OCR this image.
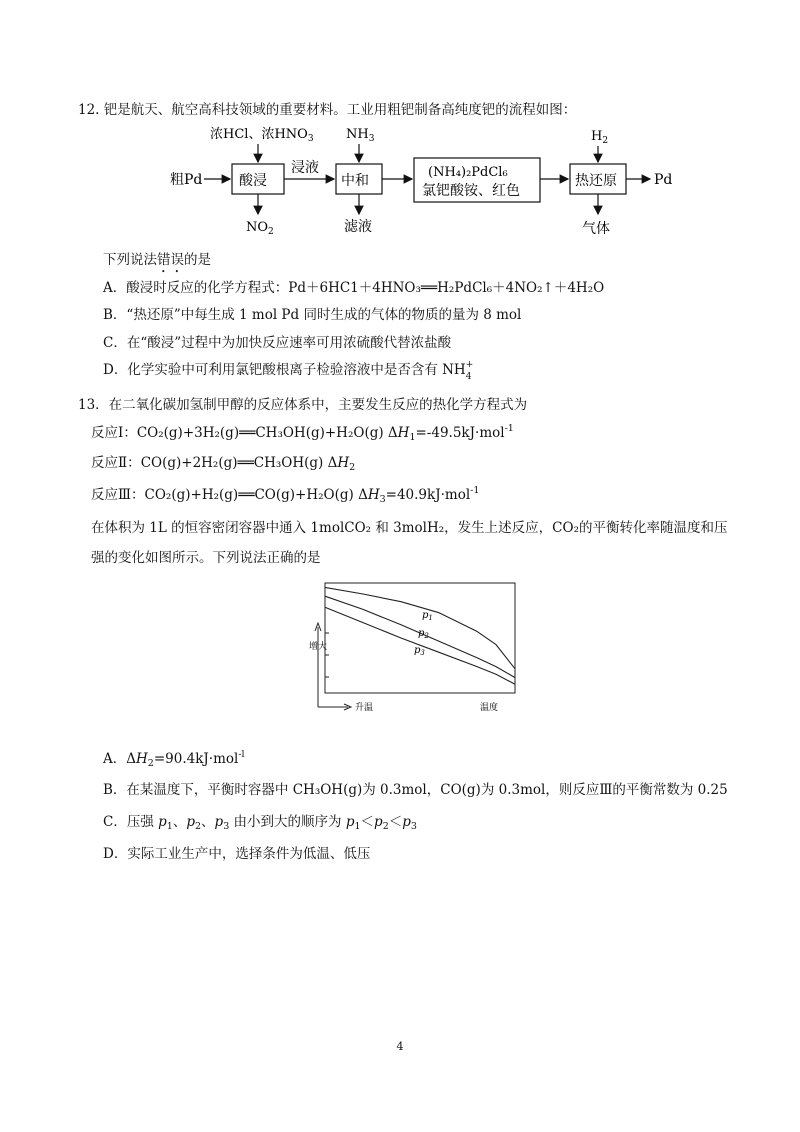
12. 钯是航天、航空高科技领域的重要材料。工业用粗钯制备高纯度钯的流程如图：
粗Pd	酸浸
浓HCl、浓$HNO_3$
$NO_2$
浸液
中和
$NH_3$
滤液
(NH₄)₂PdCl₆
氯钯酸铵、红色
热还原
$H_2$
气体
Pd
下列说法错误的是
A．酸浸时反应的化学方程式：Pd＋6HC1＋4HNO₃══H₂PdCl₆＋4NO₂↑＋4H₂O
B．“热还原”中每生成 1 mol Pd 同时生成的气体的物质的量为 8 mol
C．在“酸浸”过程中为加快反应速率可用浓硫酸代替浓盐酸
D．化学实验中可利用氯钯酸根离子检验溶液中是否含有 NH +
4
13．在二氧化碳加氢制甲醇的反应体系中，主要发生反应的热化学方程式为
反应Ⅰ：CO₂(g)+3H₂(g)══CH₃OH(g)+H₂O(g) $\Delta H_1=-49.5kJ\cdot mol^{-1}$
反应Ⅱ：CO(g)+2H₂(g)══CH₃OH(g) $\Delta H_2$
反应Ⅲ：CO₂(g)+H₂(g)══CO(g)+H₂O(g) $\Delta H_3=40.9kJ\cdot mol^{-1}$
在体积为 1L 的恒容密闭容器中通入 1molCO₂ 和 3molH₂，发生上述反应，CO₂的平衡转化率随温度和压
强的变化如图所示。下列说法正确的是
增大
升温	温度
$p_1$
$p_2$
$p_3$
A．$\Delta H_2=90.4kJ\cdot mol^{-l}$
B．在某温度下，平衡时容器中 CH₃OH(g)为 0.3mol，CO(g)为 0.3mol，则反应Ⅲ的平衡常数为 0.25
C．压强 $p_1$、$p_2$、$p_3$ 由小到大的顺序为 $p_1<p_2<p_3$
D．实际工业生产中，选择条件为低温、低压
4
